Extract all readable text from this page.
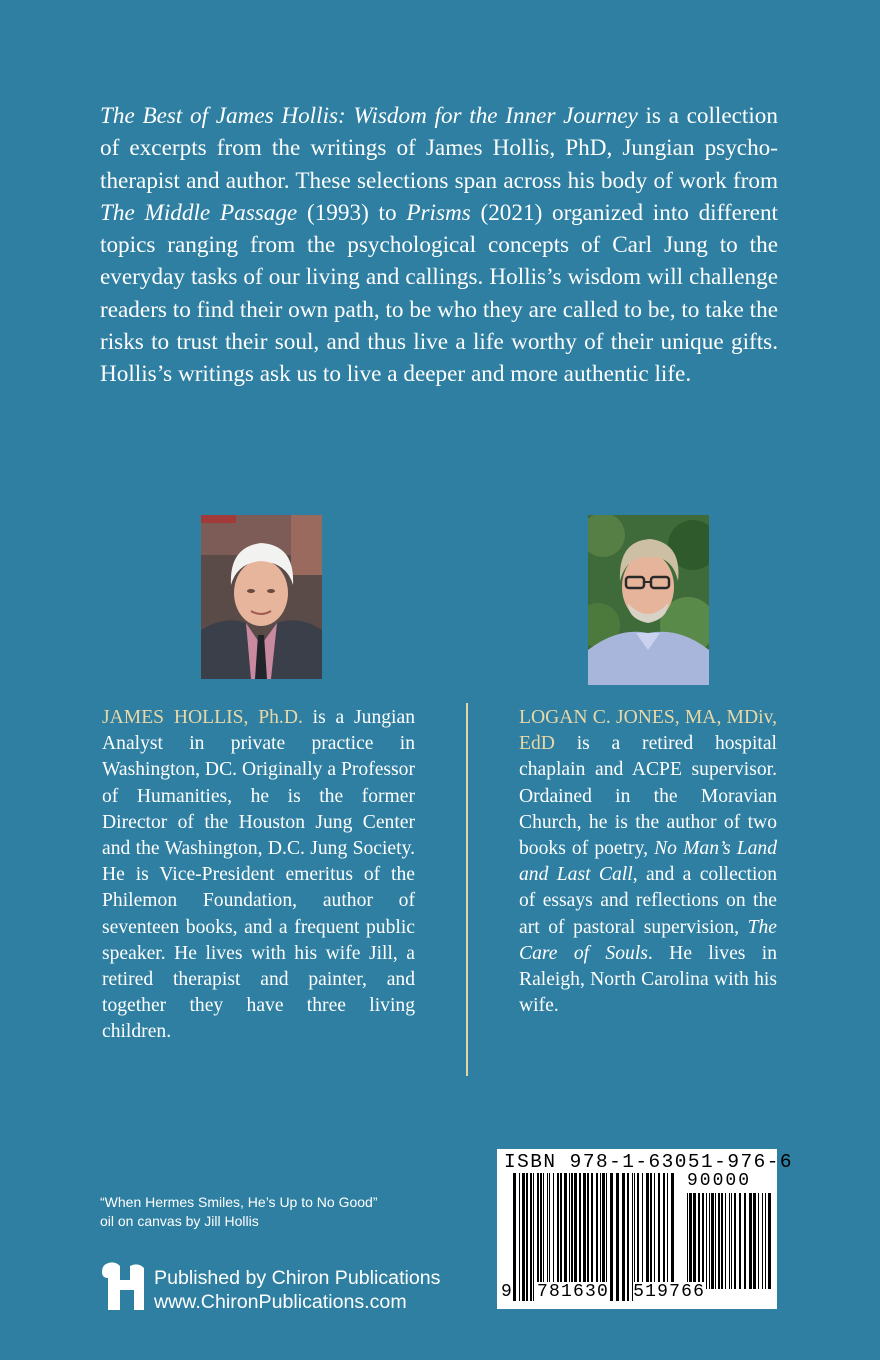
The Best of James Hollis: Wisdom for the Inner Journey is a collection of excerpts from the writings of James Hollis, PhD, Jungian psycho-therapist and author. These selections span across his body of work from The Middle Passage (1993) to Prisms (2021) organized into different topics ranging from the psychological concepts of Carl Jung to the everyday tasks of our living and callings. Hollis’s wisdom will challenge readers to find their own path, to be who they are called to be, to take the risks to trust their soul, and thus live a life worthy of their unique gifts. Hollis’s writings ask us to live a deeper and more authentic life.

JAMES HOLLIS, Ph.D. is a Jungian Analyst in private practice in Washington, DC. Originally a Professor of Humanities, he is the former Director of the Houston Jung Center and the Washington, D.C. Jung Society. He is Vice-President emeritus of the Philemon Foundation, author of seventeen books, and a frequent public speaker. He lives with his wife Jill, a retired therapist and painter, and together they have three living children.

LOGAN C. JONES, MA, MDiv, EdD is a retired hospital chaplain and ACPE supervisor. Ordained in the Moravian Church, he is the author of two books of poetry, No Man’s Land and Last Call, and a collection of essays and reflections on the art of pastoral supervision, The Care of Souls. He lives in Raleigh, North Carolina with his wife.

“When Hermes Smiles, He’s Up to No Good”
oil on canvas by Jill Hollis
Published by Chiron Publications
www.ChironPublications.com
ISBN 978-1-63051-976-6
90000
9 781630 519766
